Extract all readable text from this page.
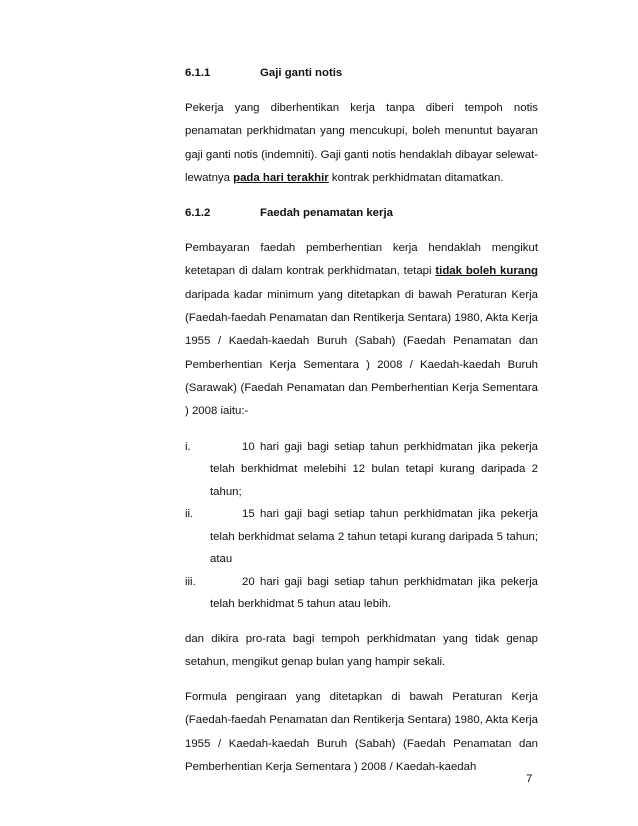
6.1.1	Gaji ganti notis

Pekerja yang diberhentikan kerja tanpa diberi tempoh notis penamatan perkhidmatan yang mencukupi, boleh menuntut bayaran gaji ganti notis (indemniti). Gaji ganti notis hendaklah dibayar selewat-lewatnya pada hari terakhir kontrak perkhidmatan ditamatkan.

6.1.2	Faedah penamatan kerja

Pembayaran faedah pemberhentian kerja hendaklah mengikut ketetapan di dalam kontrak perkhidmatan, tetapi tidak boleh kurang daripada kadar minimum yang ditetapkan di bawah Peraturan Kerja (Faedah-faedah Penamatan dan Rentikerja Sentara) 1980, Akta Kerja 1955 / Kaedah-kaedah Buruh (Sabah) (Faedah Penamatan dan Pemberhentian Kerja Sementara ) 2008 / Kaedah-kaedah Buruh (Sarawak) (Faedah Penamatan dan Pemberhentian Kerja Sementara ) 2008 iaitu:-

i.	10 hari gaji bagi setiap tahun perkhidmatan jika pekerja telah berkhidmat melebihi 12 bulan tetapi kurang daripada 2 tahun;
ii.	15 hari gaji bagi setiap tahun perkhidmatan jika pekerja telah berkhidmat selama 2 tahun tetapi kurang daripada 5 tahun; atau
iii.	20 hari gaji bagi setiap tahun perkhidmatan jika pekerja telah berkhidmat 5 tahun atau lebih.

dan dikira pro-rata bagi tempoh perkhidmatan yang tidak genap setahun, mengikut genap bulan yang hampir sekali.

Formula pengiraan yang ditetapkan di bawah Peraturan Kerja (Faedah-faedah Penamatan dan Rentikerja Sentara) 1980, Akta Kerja 1955 / Kaedah-kaedah Buruh (Sabah) (Faedah Penamatan dan Pemberhentian Kerja Sementara ) 2008 / Kaedah-kaedah

7
